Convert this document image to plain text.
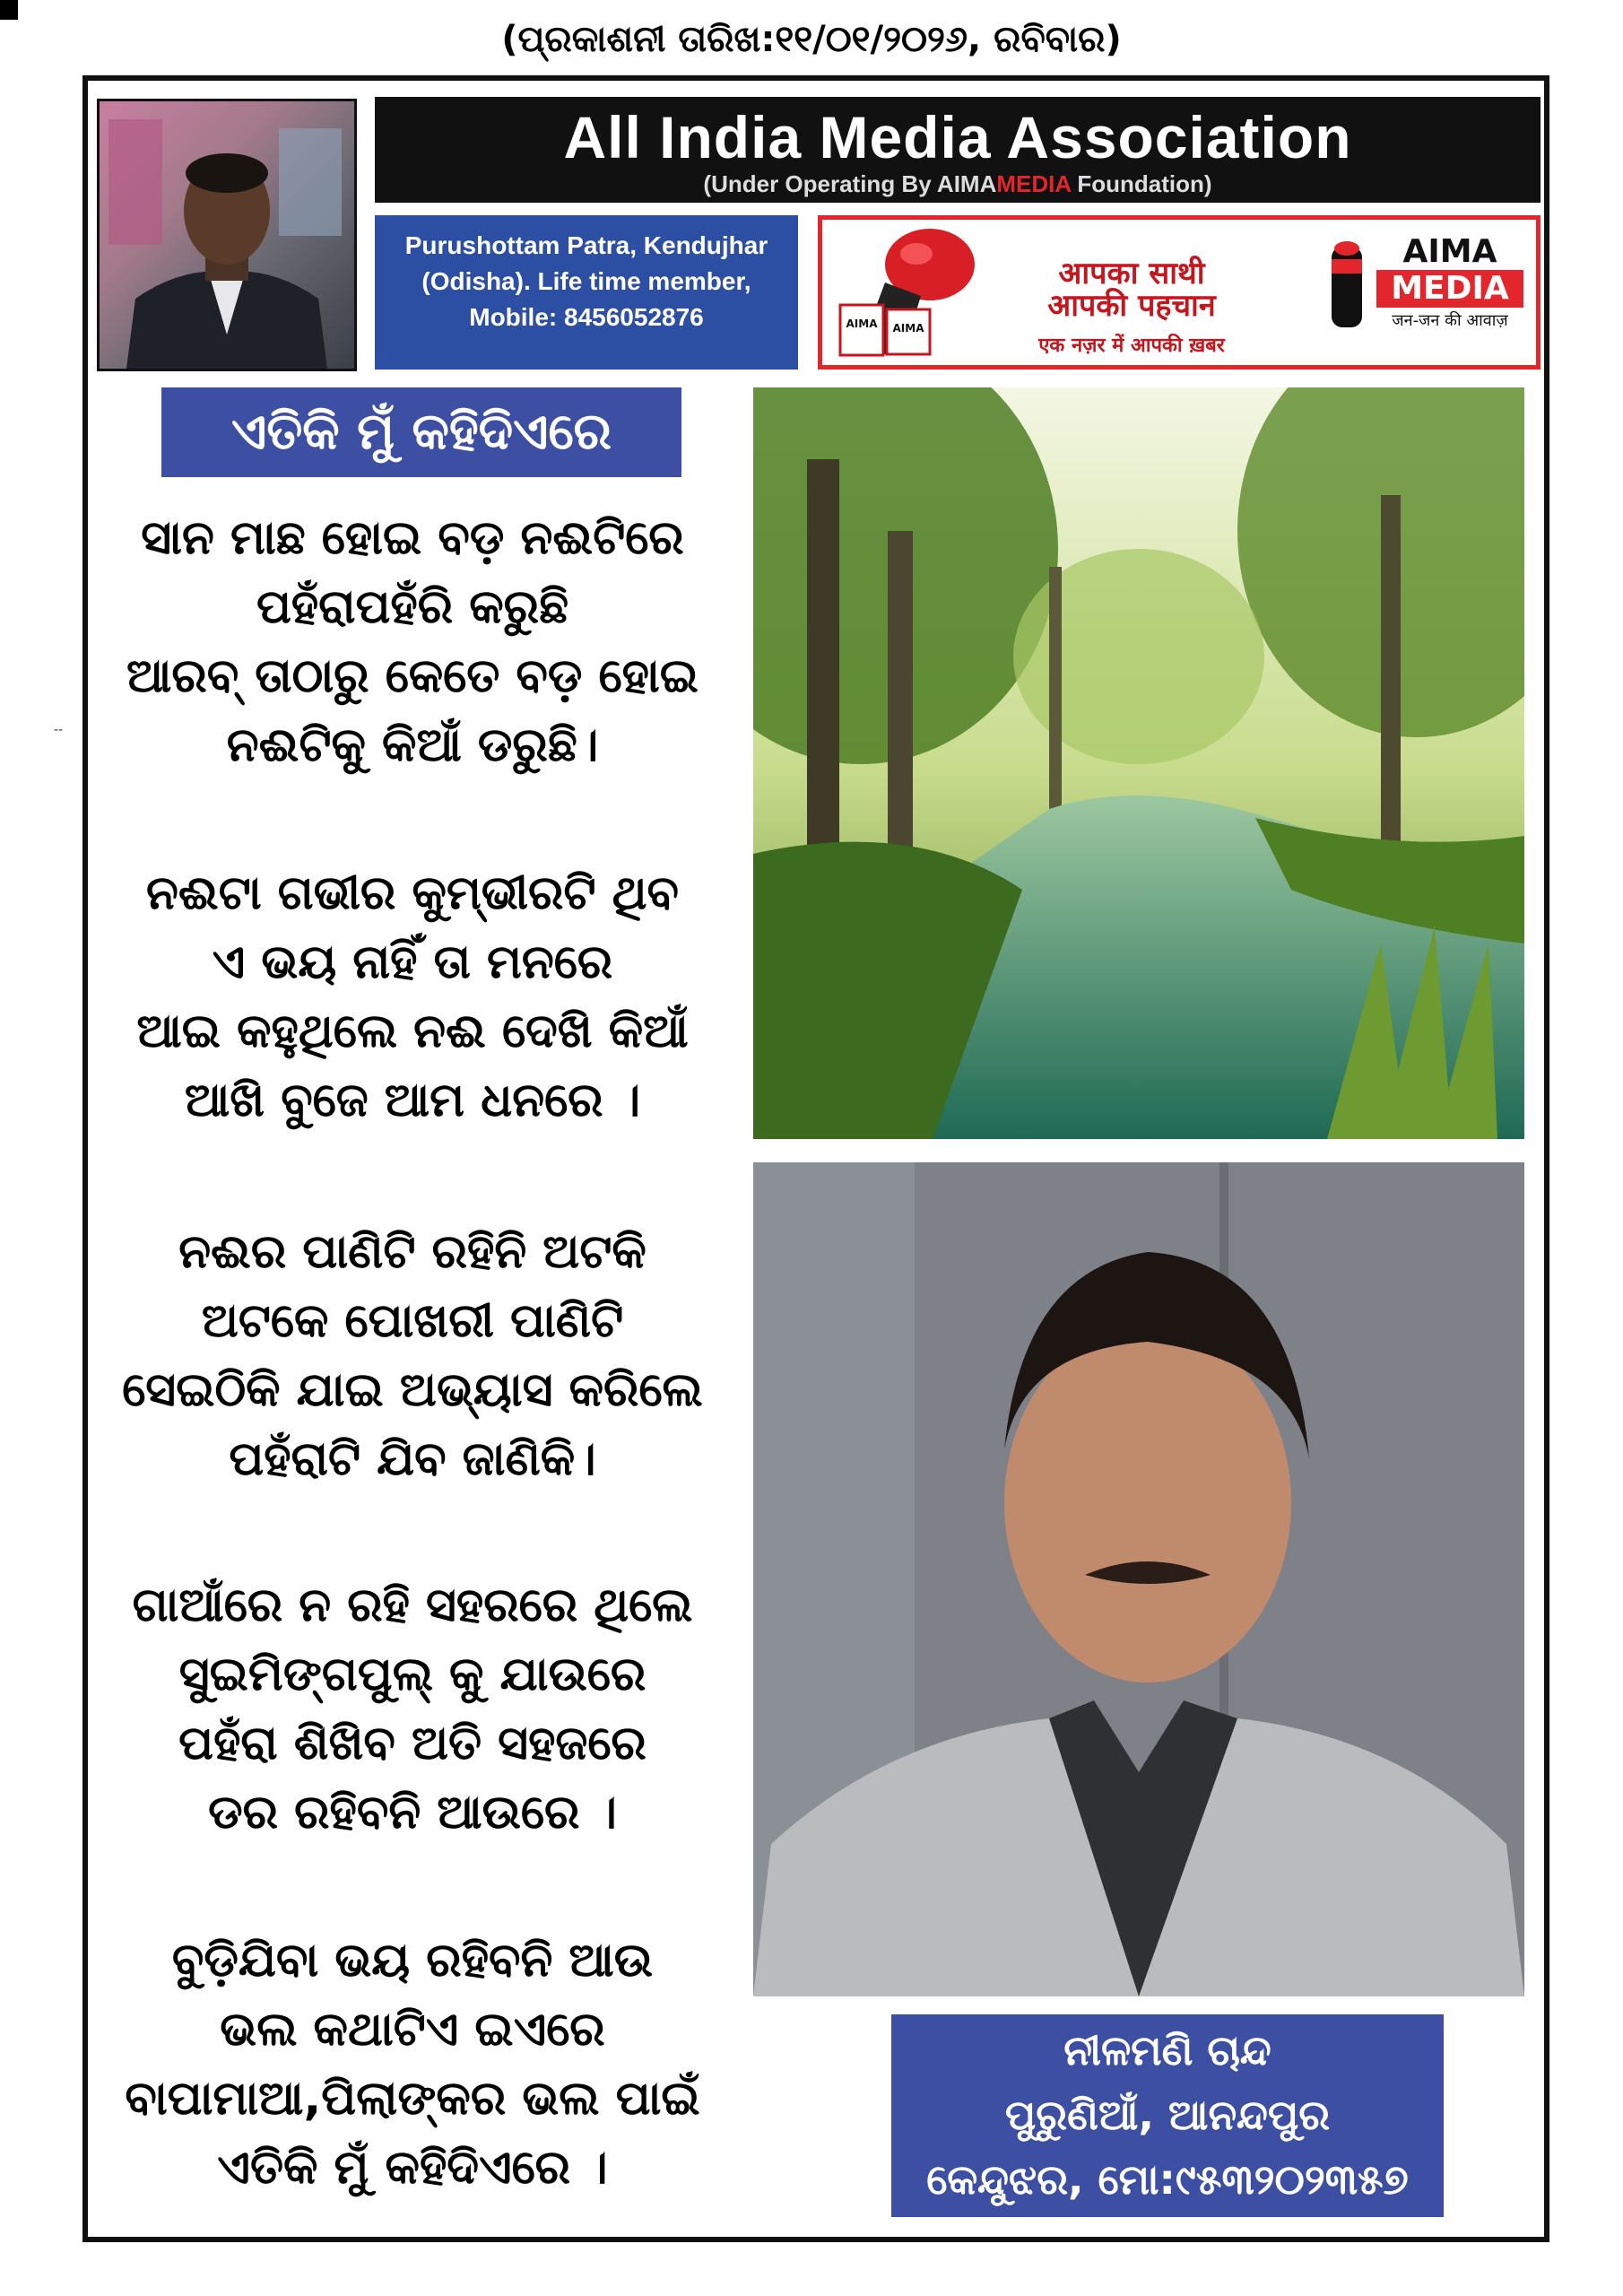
--
(ପ୍ରକାଶନୀ ତାରିଖ:୧୧/୦୧/୨୦୨୬, ରବିବାର)
All India Media Association
(Under Operating By AIMAMEDIA Foundation)
Purushottam Patra, Kendujhar
(Odisha). Life time member,
Mobile: 8456052876	AIMA AIMA
आपका साथी
आपकी पहचान
एक नज़र में आपकी ख़बर
AIMA
MEDIA
जन-जन की आवाज़
ଏତିକି ମୁଁ କହିଦିଏରେ

ସାନ ମାଛ ହୋଇ ବଡ଼ ନଈଟିରେ

ପହଁରାପହଁରି କରୁଛି

ଆରବ୍ ତାଠାରୁ କେତେ ବଡ଼ ହୋଇ

ନଈଟିକୁ କିଆଁ ଡରୁଛି।

ନଈଟା ଗଭୀର କୁମ୍ଭୀରଟି ଥିବ

ଏ ଭୟ ନାହିଁ ତା ମନରେ

ଆଇ କହୁଥିଲେ ନଈ ଦେଖି କିଆଁ

ଆଖି ବୁଜେ ଆମ ଧନରେ ।

ନଈର ପାଣିଟି ରହିନି ଅଟକି

ଅଟକେ ପୋଖରୀ ପାଣିଟି

ସେଇଠିକି ଯାଇ ଅଭ୍ୟାସ କରିଲେ

ପହଁରାଟି ଯିବ ଜାଣିକି।

ଗାଆଁରେ ନ ରହି ସହରରେ ଥିଲେ

ସୁଇମିଙ୍ଗପୁଲ୍ କୁ ଯାଉରେ

ପହଁରା ଶିଖିବ ଅତି ସହଜରେ

ଡର ରହିବନି ଆଉରେ ।

ବୁଡ଼ିଯିବା ଭୟ ରହିବନି ଆଉ

ଭଲ କଥାଟିଏ ଇଏରେ

ବାପାମାଆ,ପିଲାଙ୍କର ଭଲ ପାଇଁ

ଏତିକି ମୁଁ କହିଦିଏରେ ।

ନୀଳମଣି ଚାନ୍ଦ
ପୁରୁଣିଆଁ, ଆନନ୍ଦପୁର
କେନ୍ଦୁଝର, ମୋ:୯୫୩୨୦୨୩୫୭
